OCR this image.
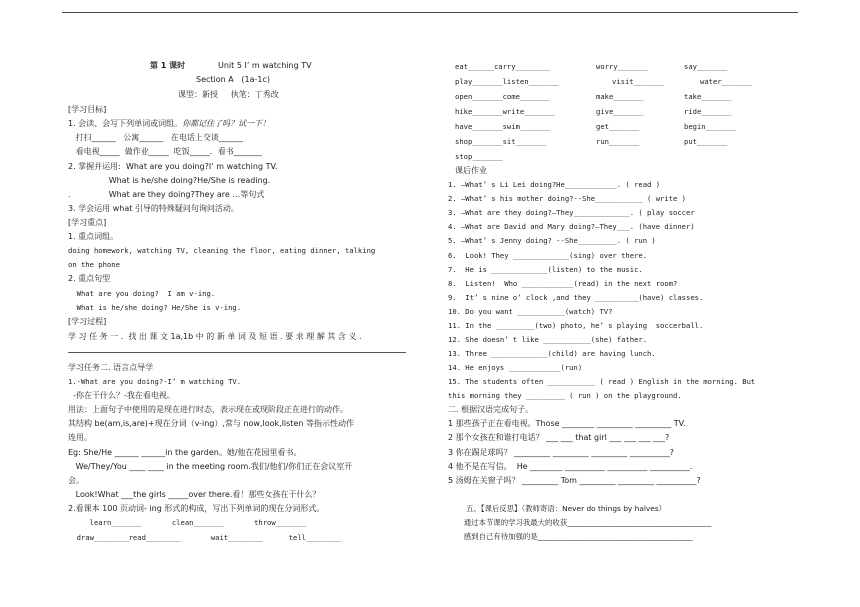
第 1 课时	Unit 5 I’ m watching TV
Section A   (1a-1c)
课型：新授     执笔：丁秀改
[学习目标]
1. 会读、会写下列单词或词组。你都记住了吗？试一下！
打扫______   公寓______   在电话上交谈______
看电视_____  做作业_____  吃饭_____．看书_______
2. 掌握并运用:  What are you doing?I’ m watching TV.
What is he/she doing?He/She is reading.
.               What are they doing?They are …等句式
3. 学会运用 what 引导的特殊疑问句询问活动。
[学习重点]
1. 重点词组。
doing homework, watching TV, cleaning the floor, eating dinner, talking
on the phone
2. 重点句型
What are you doing?  I am v-ing.
What is he/she doing? He/She is v-ing.
[学习过程]
学 习 任 务 一 .  找 出 课 文 1a,1b 中 的 新 单 词 及 短 语 . 要 求 理 解 其 含 义 .
学习任务二. 语言点导学
1.-What are you doing?-I’ m watching TV.
-你在干什么？-我在看电视。
用法：上面句子中使用的是现在进行时态，表示现在或现阶段正在进行的动作。
其结构 be(am,is,are)+现在分词（v-ing）,常与 now,look,listen 等指示性动作
连用。
Eg: She/He ______ ______in the garden。她/他在花园里看书。
We/They/You ____ ____ in the meeting room.我们/他们/你们正在会议室开
会。
Look!What ___the girls _____over there.看！那些女孩在干什么？
2.看课本 100 页动词- ing 形式的构成，写出下列单词的现在分词形式。
learn_______       clean_______       throw_______
draw________read________       wait________      tell________
eat______carry________	worry_______	say_______
play_______listen_______	visit_______	water_______
open_______come_______	make_______	take_______
hike_______write_______	give_______	ride_______
have_______swim_______	get_______	begin_______
shop_______sit_______	run_______	put_______
stop_______
课后作业
1. —What’ s Li Lei doing?He____________. ( read )
2. —What’ s his mother doing?--She___________ ( write )
3. —What are they doing?—They_____________. ( play soccer
4. —What are David and Mary doing?—They___. (have dinner)
5. —What’ s Jenny doing? --She_________. ( run )
6.  Look! They _____________(sing) over there.
7.  He is _____________(listen) to the music.
8.  Listen!  Who ____________(read) in the next room?
9.  It’ s nine o’ clock ,and they __________(have) classes.
10. Do you want ___________(watch) TV?
11. In the _________(two) photo, he’ s playing  soccerball.
12. She doesn’ t like ___________(she) father.
13. Three _____________(child) are having lunch.
14. He enjoys ____________(run)
15. The students often ___________ ( read ) English in the morning. But
this morning they _________ ( run ) on the playground.
二. 根据汉语完成句子。
1 那些孩子正在看电视。Those ________ _________ _________ TV.
2 那个女孩在和谁打电话？ ___ ___ that girl ___ ___ ___ ___?
3 你在踢足球吗？ _________ _________ _________ __________?
4 他不是在写信。  He ________ __________ __________ __________.
5 汤姆在关窗子吗？ _________ Tom _________ _________ __________?
五、【课后反思】（教师寄语：Never do things by halves）
通过本节课的学习我最大的收获_______________________________________
感到自己有待加强的是__________________________________________
